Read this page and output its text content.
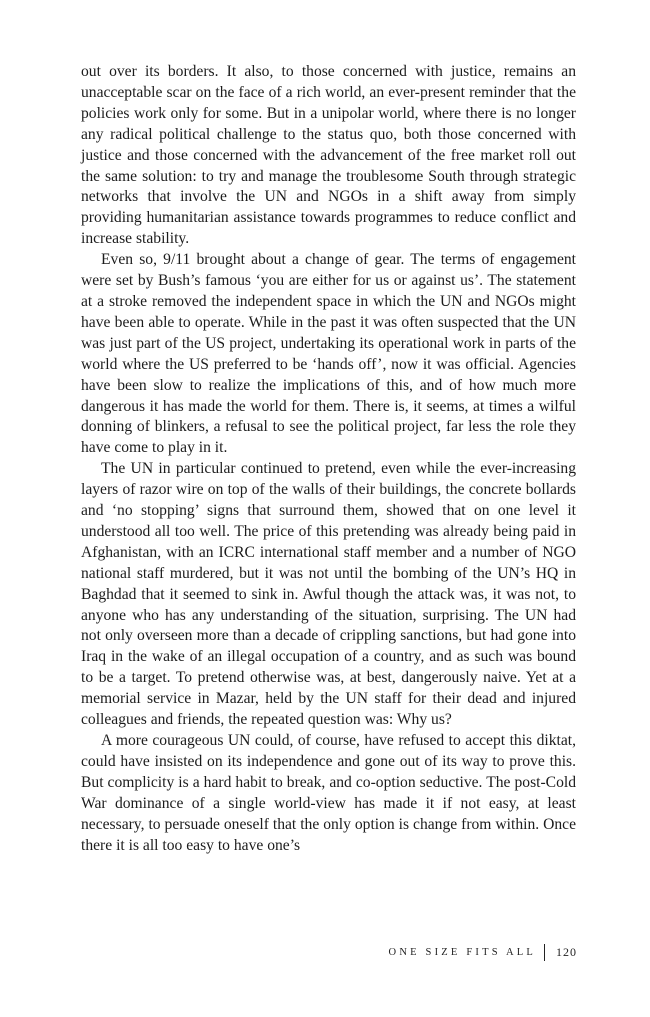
out over its borders. It also, to those concerned with justice, remains an unacceptable scar on the face of a rich world, an ever-present reminder that the policies work only for some. But in a unipolar world, where there is no longer any radical political challenge to the status quo, both those concerned with justice and those concerned with the advancement of the free market roll out the same solution: to try and manage the troublesome South through strategic networks that involve the UN and NGOs in a shift away from simply providing humanitarian assistance towards programmes to reduce conflict and increase stability.

Even so, 9/11 brought about a change of gear. The terms of engagement were set by Bush’s famous ‘you are either for us or against us’. The statement at a stroke removed the independent space in which the UN and NGOs might have been able to operate. While in the past it was often suspected that the UN was just part of the US project, undertaking its operational work in parts of the world where the US preferred to be ‘hands off’, now it was official. Agencies have been slow to realize the implications of this, and of how much more dangerous it has made the world for them. There is, it seems, at times a wilful donning of blinkers, a refusal to see the political project, far less the role they have come to play in it.

The UN in particular continued to pretend, even while the ever-increasing layers of razor wire on top of the walls of their buildings, the concrete bollards and ‘no stopping’ signs that surround them, showed that on one level it understood all too well. The price of this pretending was already being paid in Afghanistan, with an ICRC international staff member and a number of NGO national staff murdered, but it was not until the bombing of the UN’s HQ in Baghdad that it seemed to sink in. Awful though the attack was, it was not, to anyone who has any understanding of the situation, surprising. The UN had not only overseen more than a decade of crippling sanctions, but had gone into Iraq in the wake of an illegal occupation of a country, and as such was bound to be a target. To pretend otherwise was, at best, dangerously naive. Yet at a memorial service in Mazar, held by the UN staff for their dead and injured colleagues and friends, the repeated question was: Why us?

A more courageous UN could, of course, have refused to accept this diktat, could have insisted on its independence and gone out of its way to prove this. But complicity is a hard habit to break, and co-option seductive. The post-Cold War dominance of a single world-view has made it if not easy, at least necessary, to persuade oneself that the only option is change from within. Once there it is all too easy to have one’s

ONE SIZE FITS ALL 120
